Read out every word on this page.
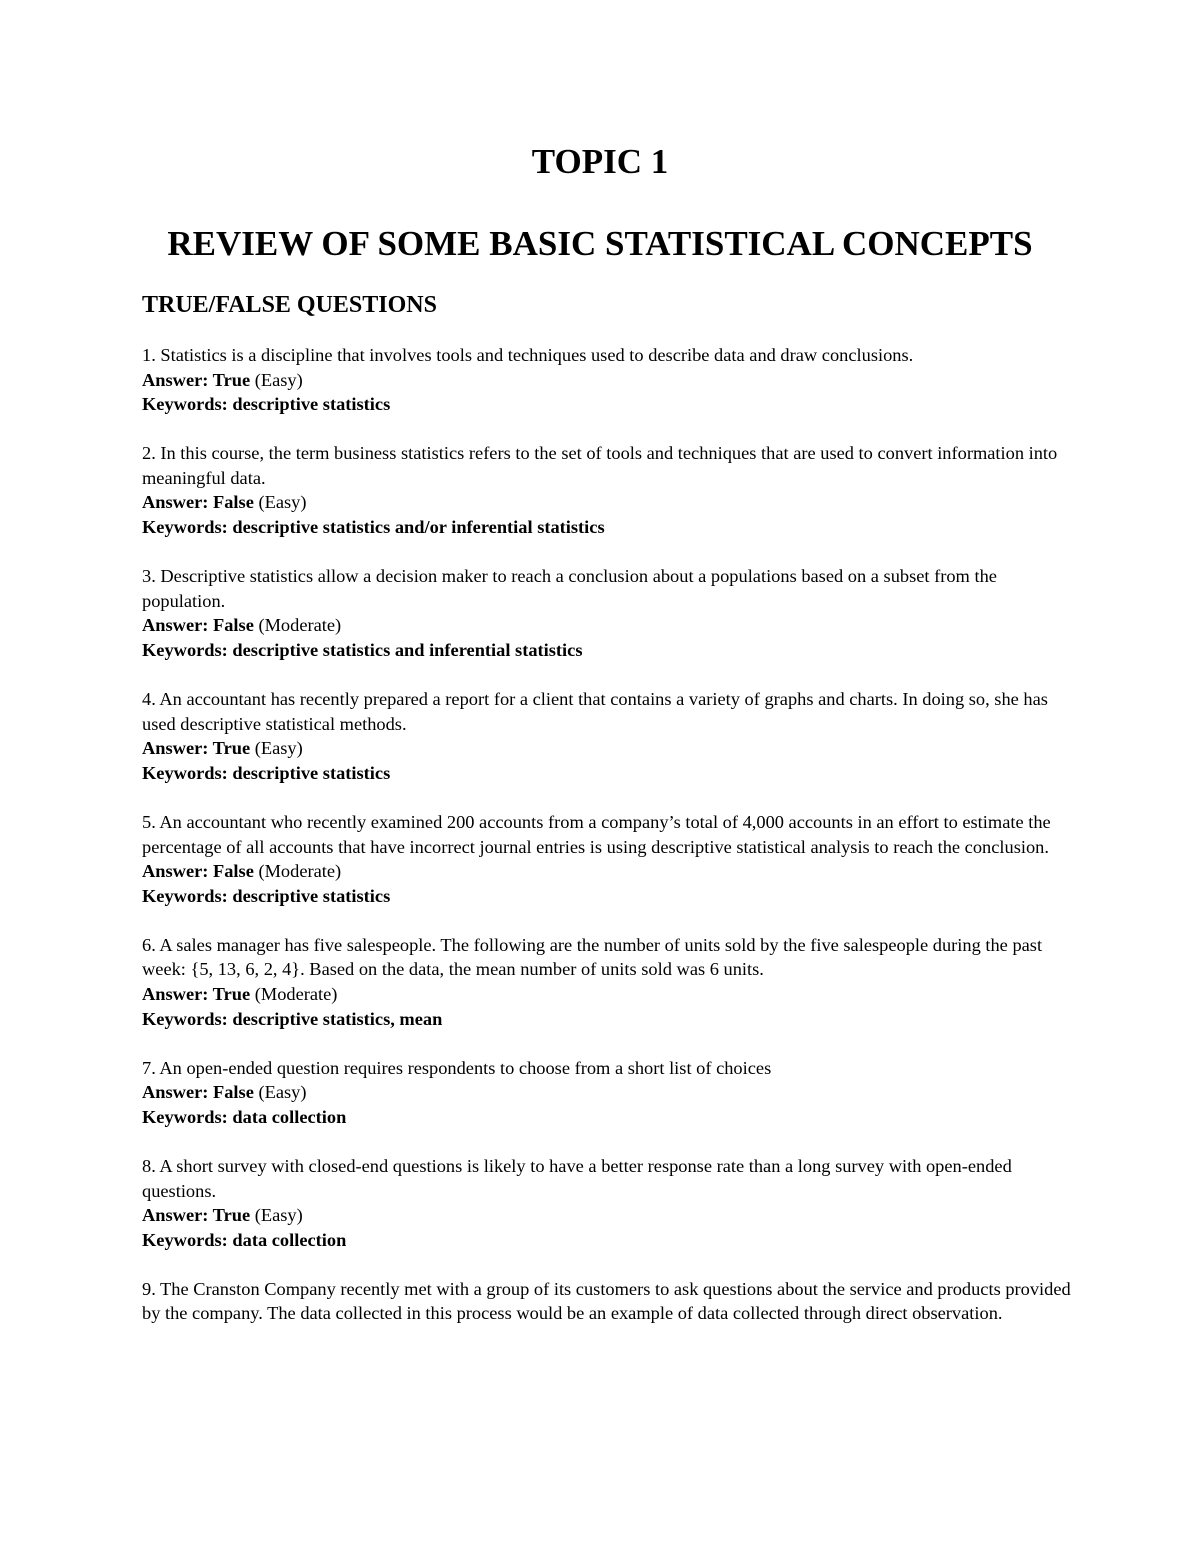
TOPIC 1
REVIEW OF SOME BASIC STATISTICAL CONCEPTS
TRUE/FALSE QUESTIONS
1. Statistics is a discipline that involves tools and techniques used to describe data and draw conclusions.
Answer: True (Easy)
Keywords: descriptive statistics
2. In this course, the term business statistics refers to the set of tools and techniques that are used to convert information into meaningful data.
Answer: False (Easy)
Keywords: descriptive statistics and/or inferential statistics
3. Descriptive statistics allow a decision maker to reach a conclusion about a populations based on a subset from the population.
Answer: False (Moderate)
Keywords: descriptive statistics and inferential statistics
4. An accountant has recently prepared a report for a client that contains a variety of graphs and charts. In doing so, she has used descriptive statistical methods.
Answer: True (Easy)
Keywords: descriptive statistics
5. An accountant who recently examined 200 accounts from a company’s total of 4,000 accounts in an effort to estimate the percentage of all accounts that have incorrect journal entries is using descriptive statistical analysis to reach the conclusion.
Answer: False (Moderate)
Keywords: descriptive statistics
6. A sales manager has five salespeople. The following are the number of units sold by the five salespeople during the past week: {5, 13, 6, 2, 4}. Based on the data, the mean number of units sold was 6 units.
Answer: True (Moderate)
Keywords: descriptive statistics, mean
7. An open-ended question requires respondents to choose from a short list of choices
Answer: False (Easy)
Keywords: data collection
8. A short survey with closed-end questions is likely to have a better response rate than a long survey with open-ended questions.
Answer: True (Easy)
Keywords: data collection
9. The Cranston Company recently met with a group of its customers to ask questions about the service and products provided by the company. The data collected in this process would be an example of data collected through direct observation.
